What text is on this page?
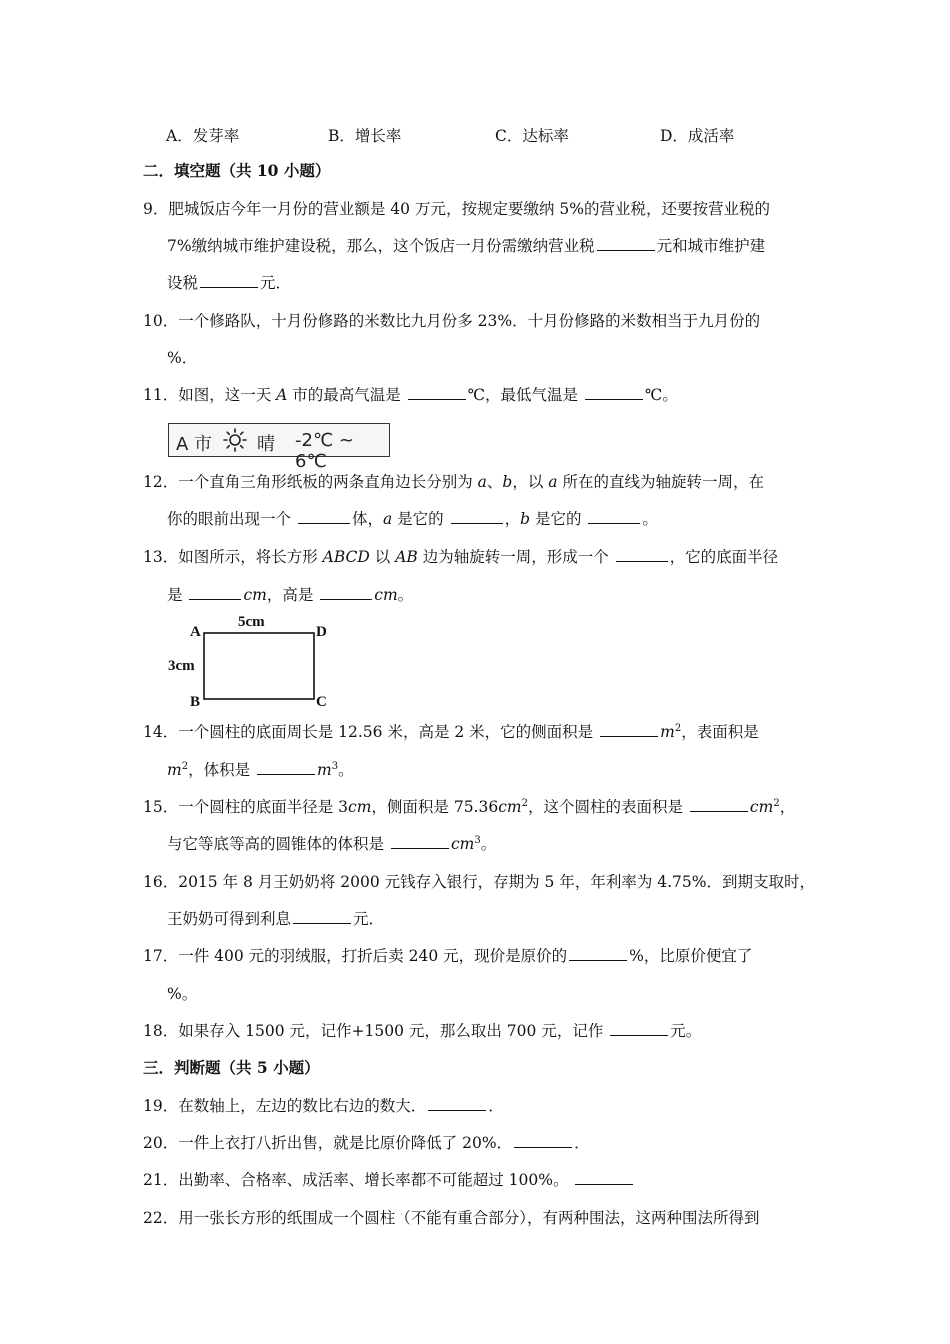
A．发芽率	B．增长率	C．达标率	D．成活率
二．填空题（共 10 小题）
9．肥城饭店今年一月份的营业额是 40 万元，按规定要缴纳 5%的营业税，还要按营业税的
7%缴纳城市维护建设税，那么，这个饭店一月份需缴纳营业税	元和城市维护建
设税	元．
10．一个修路队，十月份修路的米数比九月份多 23%．十月份修路的米数相当于九月份的
%．
11．如图，这一天 A 市的最高气温是	℃，最低气温是	℃。
A 市 晴 -2℃ ~ 6℃
12．一个直角三角形纸板的两条直角边长分别为 a、b，以 a 所在的直线为轴旋转一周，在
你的眼前出现一个	体，a 是它的	，b 是它的	。
13．如图所示，将长方形 ABCD 以 AB 边为轴旋转一周，形成一个	，它的底面半径
是	cm，高是	cm。
A	D
B	C
5cm
3cm
14．一个圆柱的底面周长是 12.56 米，高是 2 米，它的侧面积是	$m^2$，表面积是
$m^2$，体积是	$m^3$。
15．一个圆柱的底面半径是 3cm，侧面积是 $75.36cm^2$，这个圆柱的表面积是	$cm^2$，
与它等底等高的圆锥体的体积是	$cm^3$。
16．2015 年 8 月王奶奶将 2000 元钱存入银行，存期为 5 年，年利率为 4.75%．到期支取时，
王奶奶可得到利息	元．
17．一件 400 元的羽绒服，打折后卖 240 元，现价是原价的	%，比原价便宜了
%。
18．如果存入 1500 元，记作+1500 元，那么取出 700 元，记作	元。
三．判断题（共 5 小题）
19．在数轴上，左边的数比右边的数大．	．
20．一件上衣打八折出售，就是比原价降低了 20%．	．
21．出勤率、合格率、成活率、增长率都不可能超过 100%。
22．用一张长方形的纸围成一个圆柱（不能有重合部分），有两种围法，这两种围法所得到
